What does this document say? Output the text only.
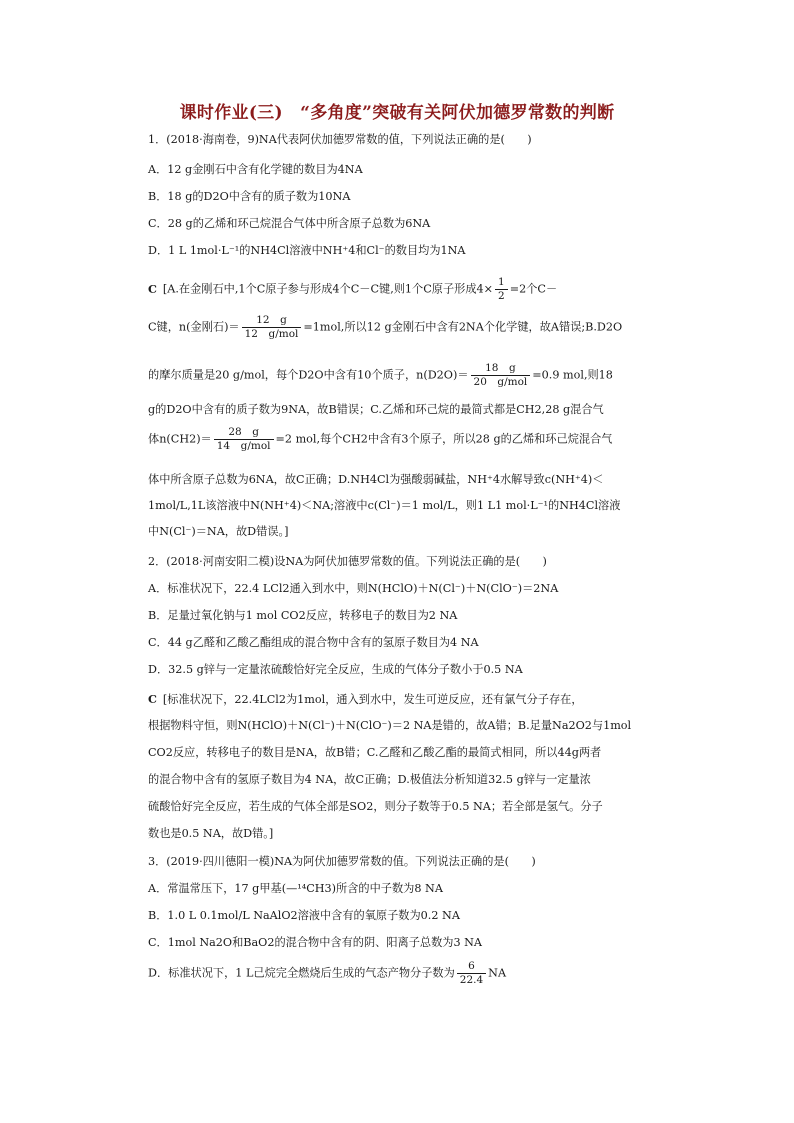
课时作业(三)　“多角度”突破有关阿伏加德罗常数的判断
1．(2018·海南卷，9)NA代表阿伏加德罗常数的值，下列说法正确的是(　　)
A．12 g金刚石中含有化学键的数目为4NA
B．18 g的D2O中含有的质子数为10NA
C．28 g的乙烯和环己烷混合气体中所含原子总数为6NA
D．1 L 1mol·L⁻¹的NH4Cl溶液中NH⁺4和Cl⁻的数目均为1NA
C [A.在金刚石中,1个C原子参与形成4个C－C键,则1个C原子形成$4\times \frac{1}{2} =2$个C－
C键，n(金刚石)＝ $\frac{12 g}{\text{12　g/mol}} =1mol$,所以12 g金刚石中含有2NA个化学键，故A错误;B.D2O
的摩尔质量是20 g/mol，每个D2O中含有10个质子，$n(D2O)= \frac{18 g}{\text{20　g/mol}} =0.9$ mol,则18
g的D2O中含有的质子数为9NA，故B错误；C.乙烯和环己烷的最简式都是CH2,28 g混合气
体$n(CH2)= \frac{28 g}{\text{14　g/mol}} =2$ mol,每个CH2中含有3个原子，所以28 g的乙烯和环己烷混合气
体中所含原子总数为6NA，故C正确；D.NH4Cl为强酸弱碱盐，NH⁺4水解导致c(NH⁺4)＜
1mol/L,1L该溶液中N(NH⁺4)＜NA;溶液中c(Cl⁻)＝1 mol/L，则1 L1 mol·L⁻¹的NH4Cl溶液
中N(Cl⁻)＝NA，故D错误。]
2．(2018·河南安阳二模)设NA为阿伏加德罗常数的值。下列说法正确的是(　　)
A．标准状况下，22.4 LCl2通入到水中，则N(HClO)＋N(Cl⁻)＋N(ClO⁻)＝2NA
B．足量过氧化钠与1 mol CO2反应，转移电子的数目为2 NA
C．44 g乙醛和乙酸乙酯组成的混合物中含有的氢原子数目为4 NA
D．32.5 g锌与一定量浓硫酸恰好完全反应，生成的气体分子数小于0.5 NA
C [标准状况下，22.4LCl2为1mol，通入到水中，发生可逆反应，还有氯气分子存在，
根据物料守恒，则N(HClO)＋N(Cl⁻)＋N(ClO⁻)＝2 NA是错的，故A错；B.足量Na2O2与1mol
CO2反应，转移电子的数目是NA，故B错；C.乙醛和乙酸乙酯的最简式相同，所以44g两者
的混合物中含有的氢原子数目为4 NA，故C正确；D.极值法分析知道32.5 g锌与一定量浓
硫酸恰好完全反应，若生成的气体全部是SO2，则分子数等于0.5 NA；若全部是氢气。分子
数也是0.5 NA，故D错。]
3．(2019·四川德阳一模)NA为阿伏加德罗常数的值。下列说法正确的是(　　)
A．常温常压下，17 g甲基(—¹⁴CH3)所含的中子数为8 NA
B．1.0 L 0.1mol/L NaAlO2溶液中含有的氧原子数为0.2 NA
C．1mol Na2O和BaO2的混合物中含有的阴、阳离子总数为3 NA
D．标准状况下，1 L己烷完全燃烧后生成的气态产物分子数为 $\frac{6}{22.4}$ NA
